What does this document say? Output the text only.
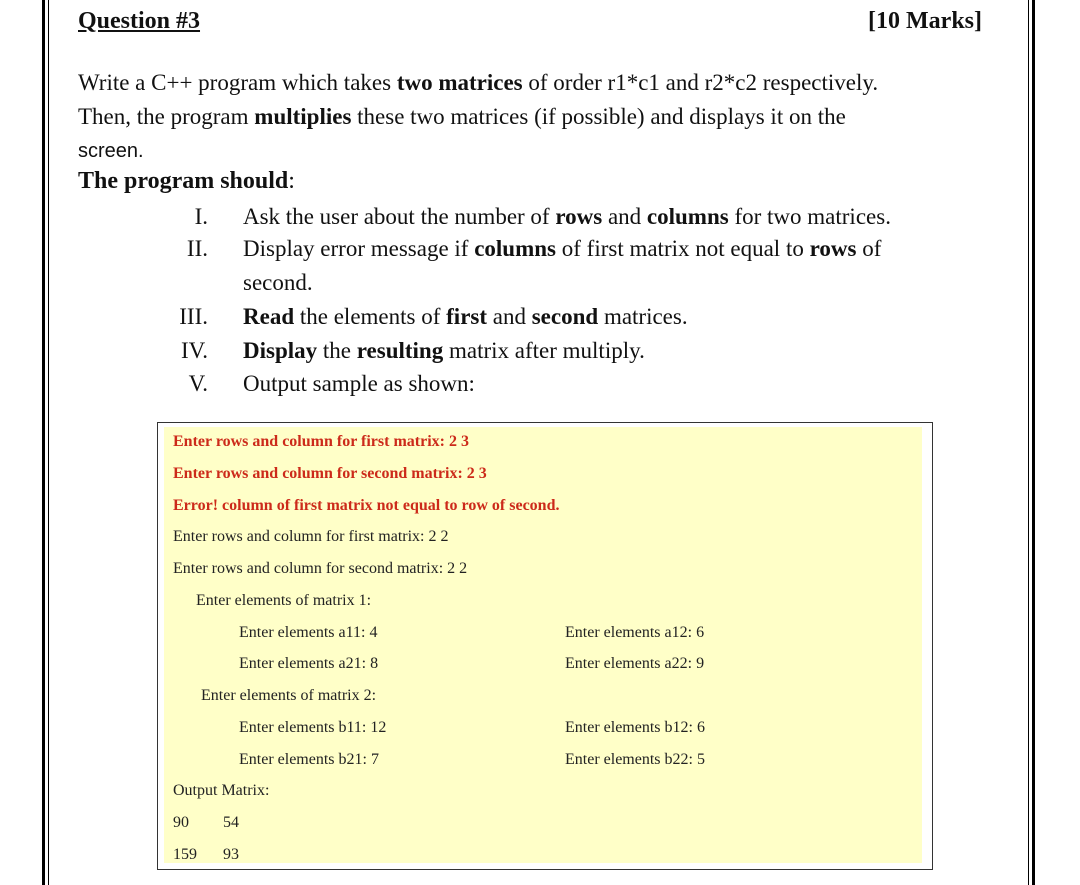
Question #3	[10 Marks]
Write a C++ program which takes two matrices of order r1*c1 and r2*c2 respectively.
Then, the program multiplies these two matrices (if possible) and displays it on the
screen.
The program should:
I. Ask the user about the number of rows and columns for two matrices.
II. Display error message if columns of first matrix not equal to rows of
second.
III. Read the elements of first and second matrices.
IV. Display the resulting matrix after multiply.
V. Output sample as shown:
Enter rows and column for first matrix: 2 3
Enter rows and column for second matrix: 2 3
Error! column of first matrix not equal to row of second.
Enter rows and column for first matrix: 2 2
Enter rows and column for second matrix: 2 2
Enter elements of matrix 1:
Enter elements a11: 4	Enter elements a12: 6
Enter elements a21: 8	Enter elements a22: 9
Enter elements of matrix 2:
Enter elements b11: 12	Enter elements b12: 6
Enter elements b21: 7	Enter elements b22: 5
Output Matrix:
90 54
159 93
